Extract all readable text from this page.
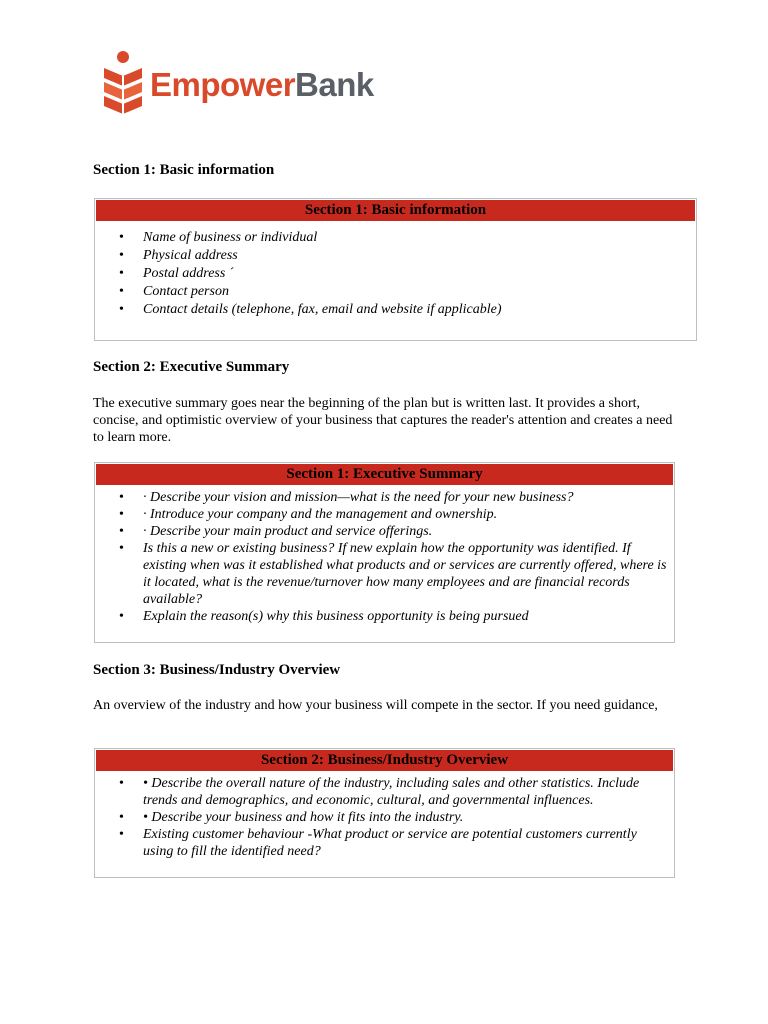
EmpowerBank
Section 1: Basic information
Section 1: Basic information
• Name of business or individual
• Physical address
• Postal address ´
• Contact person
• Contact details (telephone, fax, email and website if applicable)
Section 2: Executive Summary
The executive summary goes near the beginning of the plan but is written last. It provides a short, concise, and optimistic overview of your business that captures the reader's attention and creates a need to learn more.
Section 1: Executive Summary
• · Describe your vision and mission—what is the need for your new business?
• · Introduce your company and the management and ownership.
• · Describe your main product and service offerings.
• Is this a new or existing business? If new explain how the opportunity was identified. If existing when was it established what products and or services are currently offered, where is it located, what is the revenue/turnover how many employees and are financial records available?
• Explain the reason(s) why this business opportunity is being pursued
Section 3: Business/Industry Overview
An overview of the industry and how your business will compete in the sector. If you need guidance,
Section 2: Business/Industry Overview
• • Describe the overall nature of the industry, including sales and other statistics. Include trends and demographics, and economic, cultural, and governmental influences.
• • Describe your business and how it fits into the industry.
• Existing customer behaviour -What product or service are potential customers currently using to fill the identified need?
